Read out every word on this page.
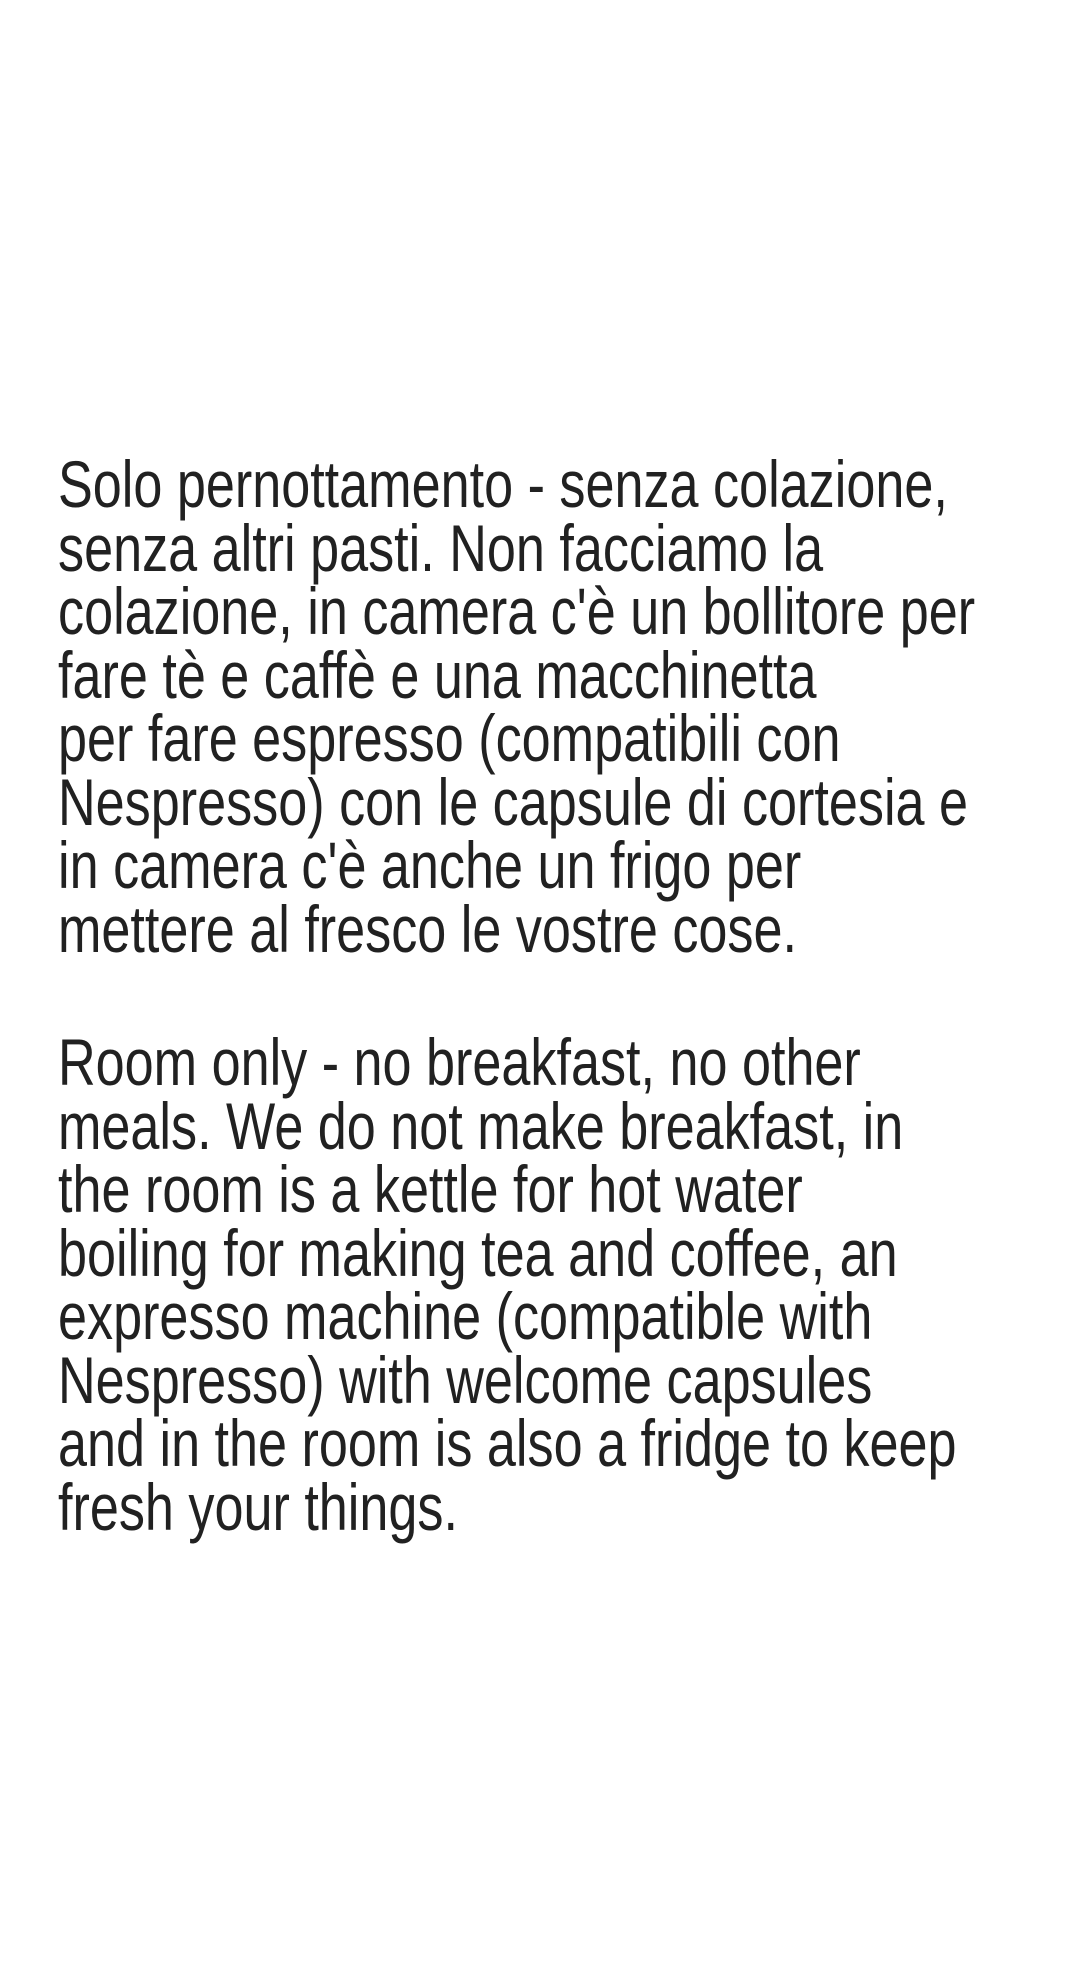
Solo pernottamento - senza colazione,
senza altri pasti. Non facciamo la
colazione, in camera c'è un bollitore per
fare tè e caffè e una macchinetta
per fare espresso (compatibili con
Nespresso) con le capsule di cortesia e
in camera c'è anche un frigo per
mettere al fresco le vostre cose.
Room only - no breakfast, no other
meals. We do not make breakfast, in
the room is a kettle for hot water
boiling for making tea and coffee, an
expresso machine (compatible with
Nespresso) with welcome capsules
and in the room is also a fridge to keep
fresh your things.
